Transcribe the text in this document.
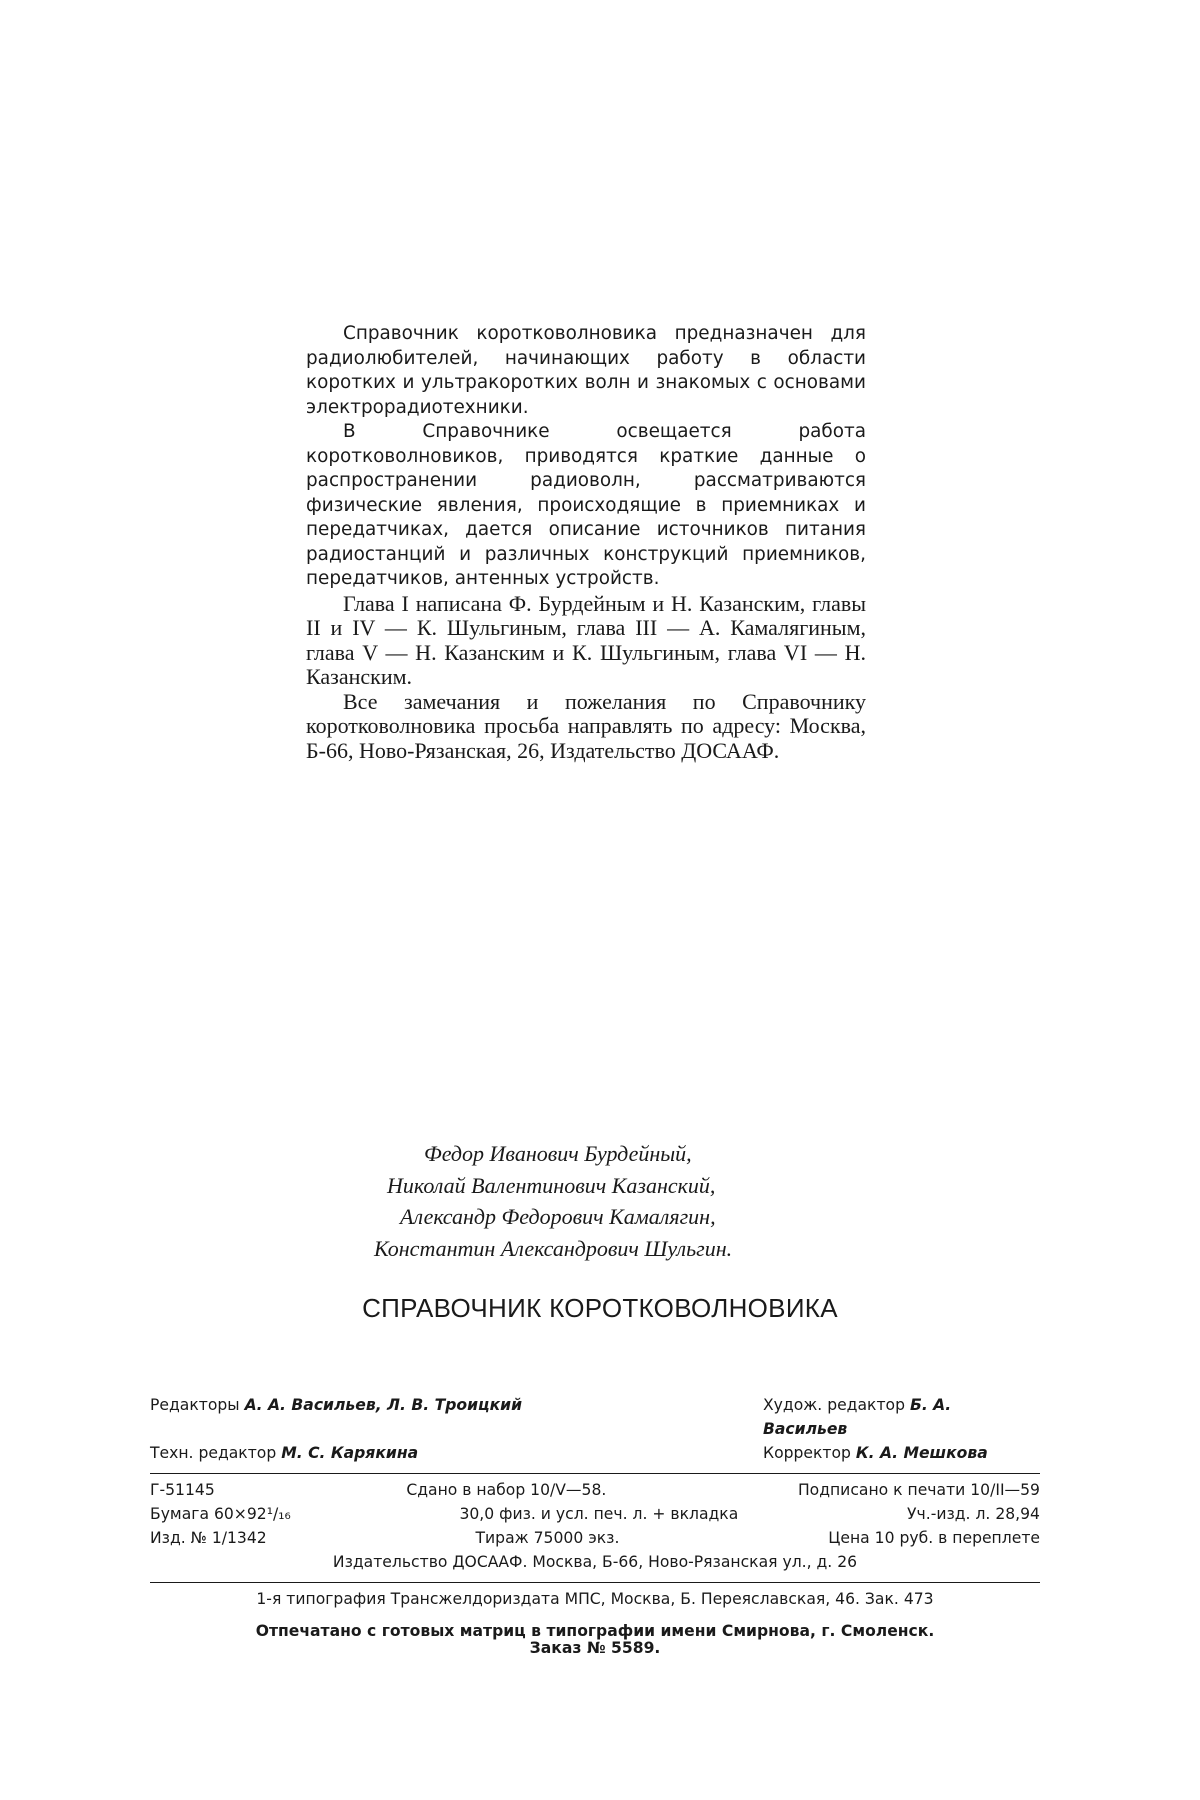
Справочник коротковолновика предназначен для радиолюбителей, начинающих работу в области коротких и ультракоротких волн и знакомых с основами электрорадиотехники.

В Справочнике освещается работа коротковолновиков, приводятся краткие данные о распространении радиоволн, рассматриваются физические явления, происходящие в приемниках и передатчиках, дается описание источников питания радиостанций и различных конструкций приемников, передатчиков, антенных устройств.

Глава I написана Ф. Бурдейным и Н. Казанским, главы II и IV — К. Шульгиным, глава III — А. Камалягиным, глава V — Н. Казанским и К. Шульгиным, глава VI — Н. Казанским.

Все замечания и пожелания по Справочнику коротковолновика просьба направлять по адресу: Москва, Б-66, Ново-Рязанская, 26, Издательство ДОСААФ.

Федор Иванович Бурдейный,
Николай Валентинович Казанский,
Александр Федорович Камалягин,
Константин Александрович Шульгин.
СПРАВОЧНИК КОРОТКОВОЛНОВИКА
Редакторы А. А. Васильев, Л. В. Троицкий	Худож. редактор Б. А. Васильев
Техн. редактор М. С. Карякина	Корректор К. А. Мешкова
Г-51145	Сдано в набор 10/V—58.	Подписано к печати 10/II—59
Бумага 60×92¹/₁₆	30,0 физ. и усл. печ. л. + вкладка	Уч.-изд. л. 28,94
Изд. № 1/1342	Тираж 75000 экз.	Цена 10 руб. в переплете
Издательство ДОСААФ. Москва, Б-66, Ново-Рязанская ул., д. 26
1-я типография Трансжелдориздата МПС, Москва, Б. Переяславская, 46. Зак. 473
Отпечатано с готовых матриц в типографии имени Смирнова, г. Смоленск.
Заказ № 5589.
